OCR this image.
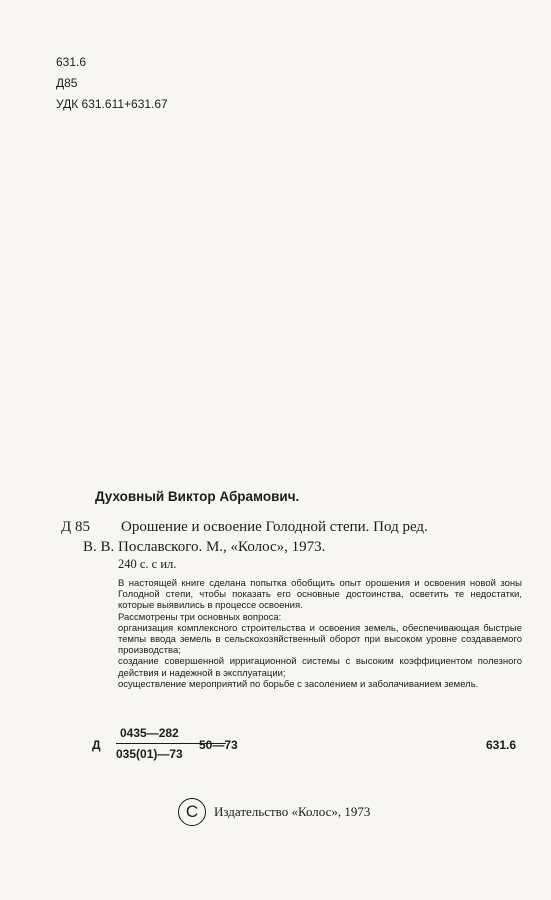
631.6
Д85
УДК 631.611+631.67
Духовный Виктор Абрамович.
Д 85 Орошение и освоение Голодной степи. Под ред.
В. В. Пославского. М., «Колос», 1973.
240 с. с ил.

В настоящей книге сделана попытка обобщить опыт орошения и освоения новой зоны Голодной степи, чтобы показать его основные достоинства, осветить те недостатки, которые выявились в процессе освоения.

Рассмотрены три основных вопроса:

организация комплексного строительства и освоения земель, обеспечивающая быстрые темпы ввода земель в сельскохозяйственный оборот при высоком уровне создаваемого производства;

создание совершенной ирригационной системы с высоким коэффициентом полезного действия и надежной в эксплуатации;

осуществление мероприятий по борьбе с засолением и заболачиванием земель.

Д
0435—282
035(01)—73
50—73	631.6
C	Издательство «Колос», 1973
